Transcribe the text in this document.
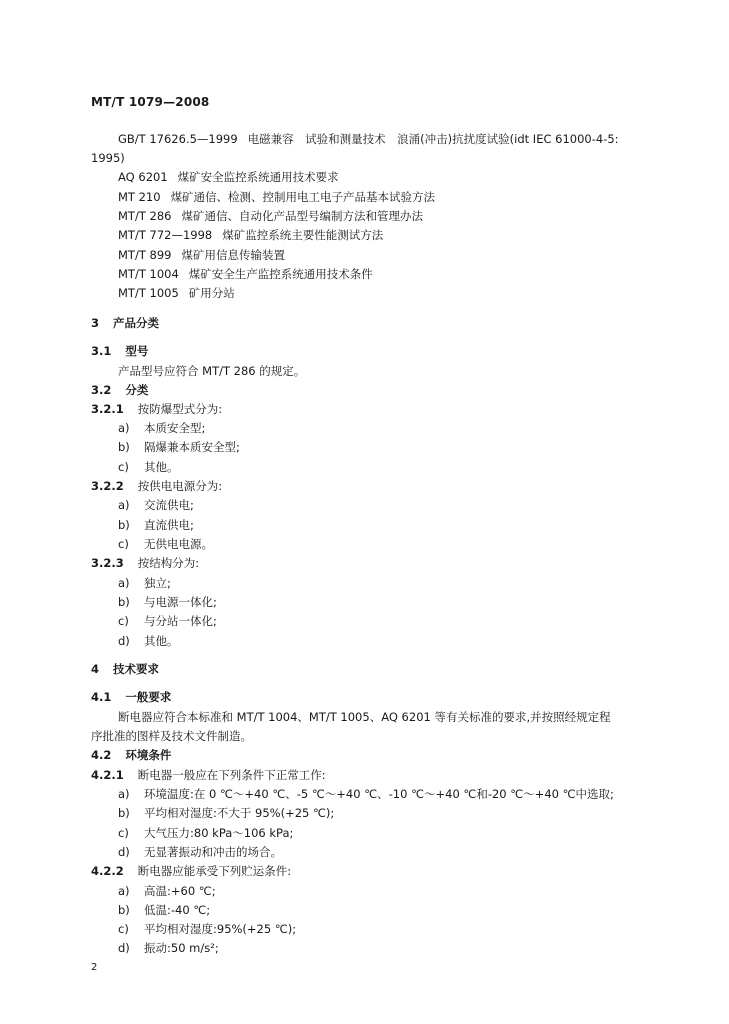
MT/T 1079—2008
GB/T 17626.5—1999 电磁兼容　试验和测量技术　浪涌(冲击)抗扰度试验(idt IEC 61000-4-5:
1995)
AQ 6201 煤矿安全监控系统通用技术要求
MT 210 煤矿通信、检测、控制用电工电子产品基本试验方法
MT/T 286 煤矿通信、自动化产品型号编制方法和管理办法
MT/T 772—1998 煤矿监控系统主要性能测试方法
MT/T 899 煤矿用信息传输装置
MT/T 1004 煤矿安全生产监控系统通用技术条件
MT/T 1005 矿用分站
3 产品分类
3.1 型号
产品型号应符合 MT/T 286 的规定。
3.2 分类
3.2.1 按防爆型式分为:
a) 本质安全型;
b) 隔爆兼本质安全型;
c) 其他。
3.2.2 按供电电源分为:
a) 交流供电;
b) 直流供电;
c) 无供电电源。
3.2.3 按结构分为:
a) 独立;
b) 与电源一体化;
c) 与分站一体化;
d) 其他。
4 技术要求
4.1 一般要求
断电器应符合本标准和 MT/T 1004、MT/T 1005、AQ 6201 等有关标准的要求,并按照经规定程
序批准的图样及技术文件制造。
4.2 环境条件
4.2.1 断电器一般应在下列条件下正常工作:
a) 环境温度:在 0 ℃～+40 ℃、-5 ℃～+40 ℃、-10 ℃～+40 ℃和-20 ℃～+40 ℃中选取;
b) 平均相对湿度:不大于 95%(+25 ℃);
c) 大气压力:80 kPa～106 kPa;
d) 无显著振动和冲击的场合。
4.2.2 断电器应能承受下列贮运条件:
a) 高温:+60 ℃;
b) 低温:-40 ℃;
c) 平均相对湿度:95%(+25 ℃);
d) 振动:50 m/s²;
2
